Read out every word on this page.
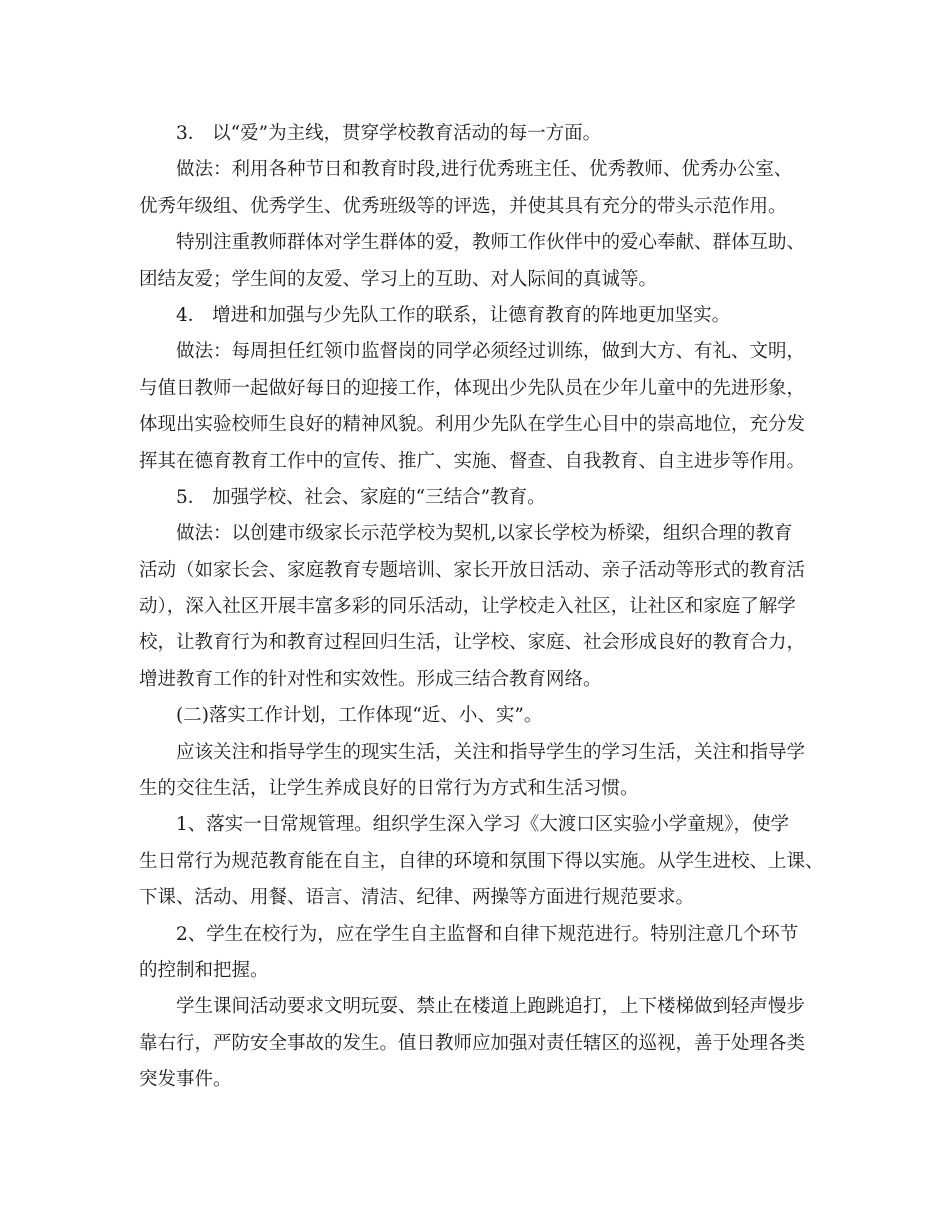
3． 以“爱”为主线，贯穿学校教育活动的每一方面。
做法：利用各种节日和教育时段,进行优秀班主任、优秀教师、优秀办公室、
优秀年级组、优秀学生、优秀班级等的评选，并使其具有充分的带头示范作用。
特别注重教师群体对学生群体的爱，教师工作伙伴中的爱心奉献、群体互助、
团结友爱；学生间的友爱、学习上的互助、对人际间的真诚等。
4． 增进和加强与少先队工作的联系，让德育教育的阵地更加坚实。
做法：每周担任红领巾监督岗的同学必须经过训练，做到大方、有礼、文明，
与值日教师一起做好每日的迎接工作，体现出少先队员在少年儿童中的先进形象，
体现出实验校师生良好的精神风貌。利用少先队在学生心目中的崇高地位，充分发
挥其在德育教育工作中的宣传、推广、实施、督查、自我教育、自主进步等作用。
5． 加强学校、社会、家庭的“三结合”教育。
做法：以创建市级家长示范学校为契机,以家长学校为桥梁，组织合理的教育
活动（如家长会、家庭教育专题培训、家长开放日活动、亲子活动等形式的教育活
动），深入社区开展丰富多彩的同乐活动，让学校走入社区，让社区和家庭了解学
校，让教育行为和教育过程回归生活，让学校、家庭、社会形成良好的教育合力，
增进教育工作的针对性和实效性。形成三结合教育网络。
(二)落实工作计划，工作体现“近、小、实”。
应该关注和指导学生的现实生活，关注和指导学生的学习生活，关注和指导学
生的交往生活，让学生养成良好的日常行为方式和生活习惯。
1、落实一日常规管理。组织学生深入学习《大渡口区实验小学童规》，使学
生日常行为规范教育能在自主，自律的环境和氛围下得以实施。从学生进校、上课、
下课、活动、用餐、语言、清洁、纪律、两操等方面进行规范要求。
2、学生在校行为，应在学生自主监督和自律下规范进行。特别注意几个环节
的控制和把握。
学生课间活动要求文明玩耍、禁止在楼道上跑跳追打，上下楼梯做到轻声慢步
靠右行，严防安全事故的发生。值日教师应加强对责任辖区的巡视，善于处理各类
突发事件。
